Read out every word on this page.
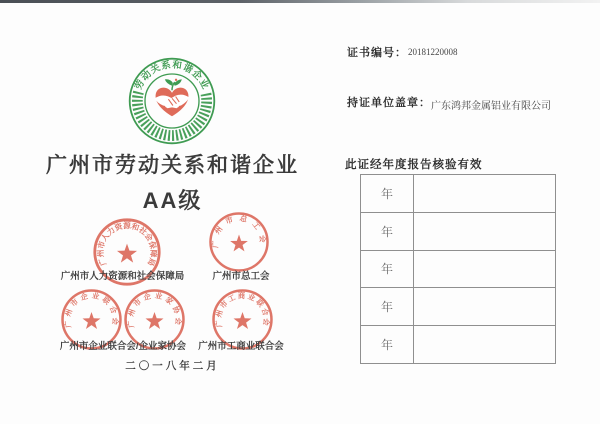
劳动关系和谐企业
广州市劳动关系和谐企业
AA级
广州市人力资源和社会保障局
广州市总工会
广州市人力资源和社会保障局	广州市总工会
广州市企业联合会 广州市企业家协会	广州市工商业联合会
广州市企业联合会/企业家协会	广州市工商业联合会
二〇一八年二月
证书编号： 20181220008
持证单位盖章： 广东鸿邦金属铝业有限公司
此证经年度报告核验有效
年
年
年
年
年
